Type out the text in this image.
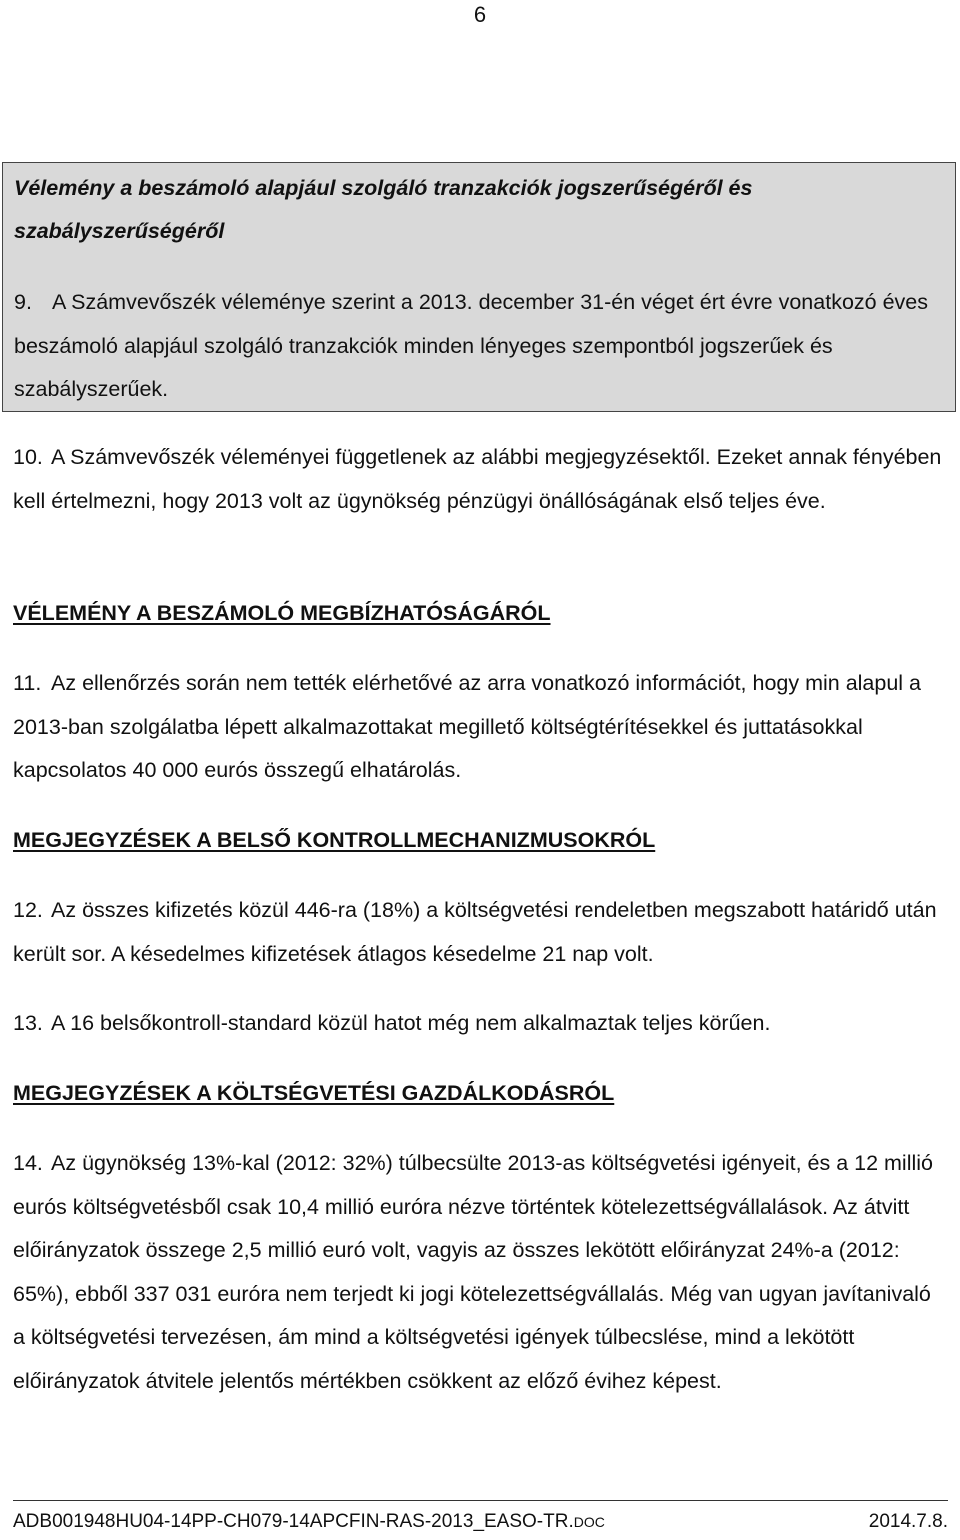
6

Vélemény a beszámoló alapjául szolgáló tranzakciók jogszerűségéről és szabályszerűségéről

9. A Számvevőszék véleménye szerint a 2013. december 31-én véget ért évre vonatkozó éves beszámoló alapjául szolgáló tranzakciók minden lényeges szempontból jogszerűek és szabályszerűek.

10. A Számvevőszék véleményei függetlenek az alábbi megjegyzésektől. Ezeket annak fényében kell értelmezni, hogy 2013 volt az ügynökség pénzügyi önállóságának első teljes éve.

VÉLEMÉNY A BESZÁMOLÓ MEGBÍZHATÓSÁGÁRÓL

11. Az ellenőrzés során nem tették elérhetővé az arra vonatkozó információt, hogy min alapul a 2013-ban szolgálatba lépett alkalmazottakat megillető költségtérítésekkel és juttatásokkal kapcsolatos 40 000 eurós összegű elhatárolás.

MEGJEGYZÉSEK A BELSŐ KONTROLLMECHANIZMUSOKRÓL

12. Az összes kifizetés közül 446-ra (18%) a költségvetési rendeletben megszabott határidő után került sor. A késedelmes kifizetések átlagos késedelme 21 nap volt.

13. A 16 belsőkontroll-standard közül hatot még nem alkalmaztak teljes körűen.

MEGJEGYZÉSEK A KÖLTSÉGVETÉSI GAZDÁLKODÁSRÓL

14. Az ügynökség 13%-kal (2012: 32%) túlbecsülte 2013-as költségvetési igényeit, és a 12 millió eurós költségvetésből csak 10,4 millió euróra nézve történtek kötelezettségvállalások. Az átvitt előirányzatok összege 2,5 millió euró volt, vagyis az összes lekötött előirányzat 24%-a (2012: 65%), ebből 337 031 euróra nem terjedt ki jogi kötelezettségvállalás. Még van ugyan javítanivaló a költségvetési tervezésen, ám mind a költségvetési igények túlbecslése, mind a lekötött előirányzatok átvitele jelentős mértékben csökkent az előző évihez képest.

ADB001948HU04-14PP-CH079-14APCFIN-RAS-2013_EASO-TR.DOC	2014.7.8.
